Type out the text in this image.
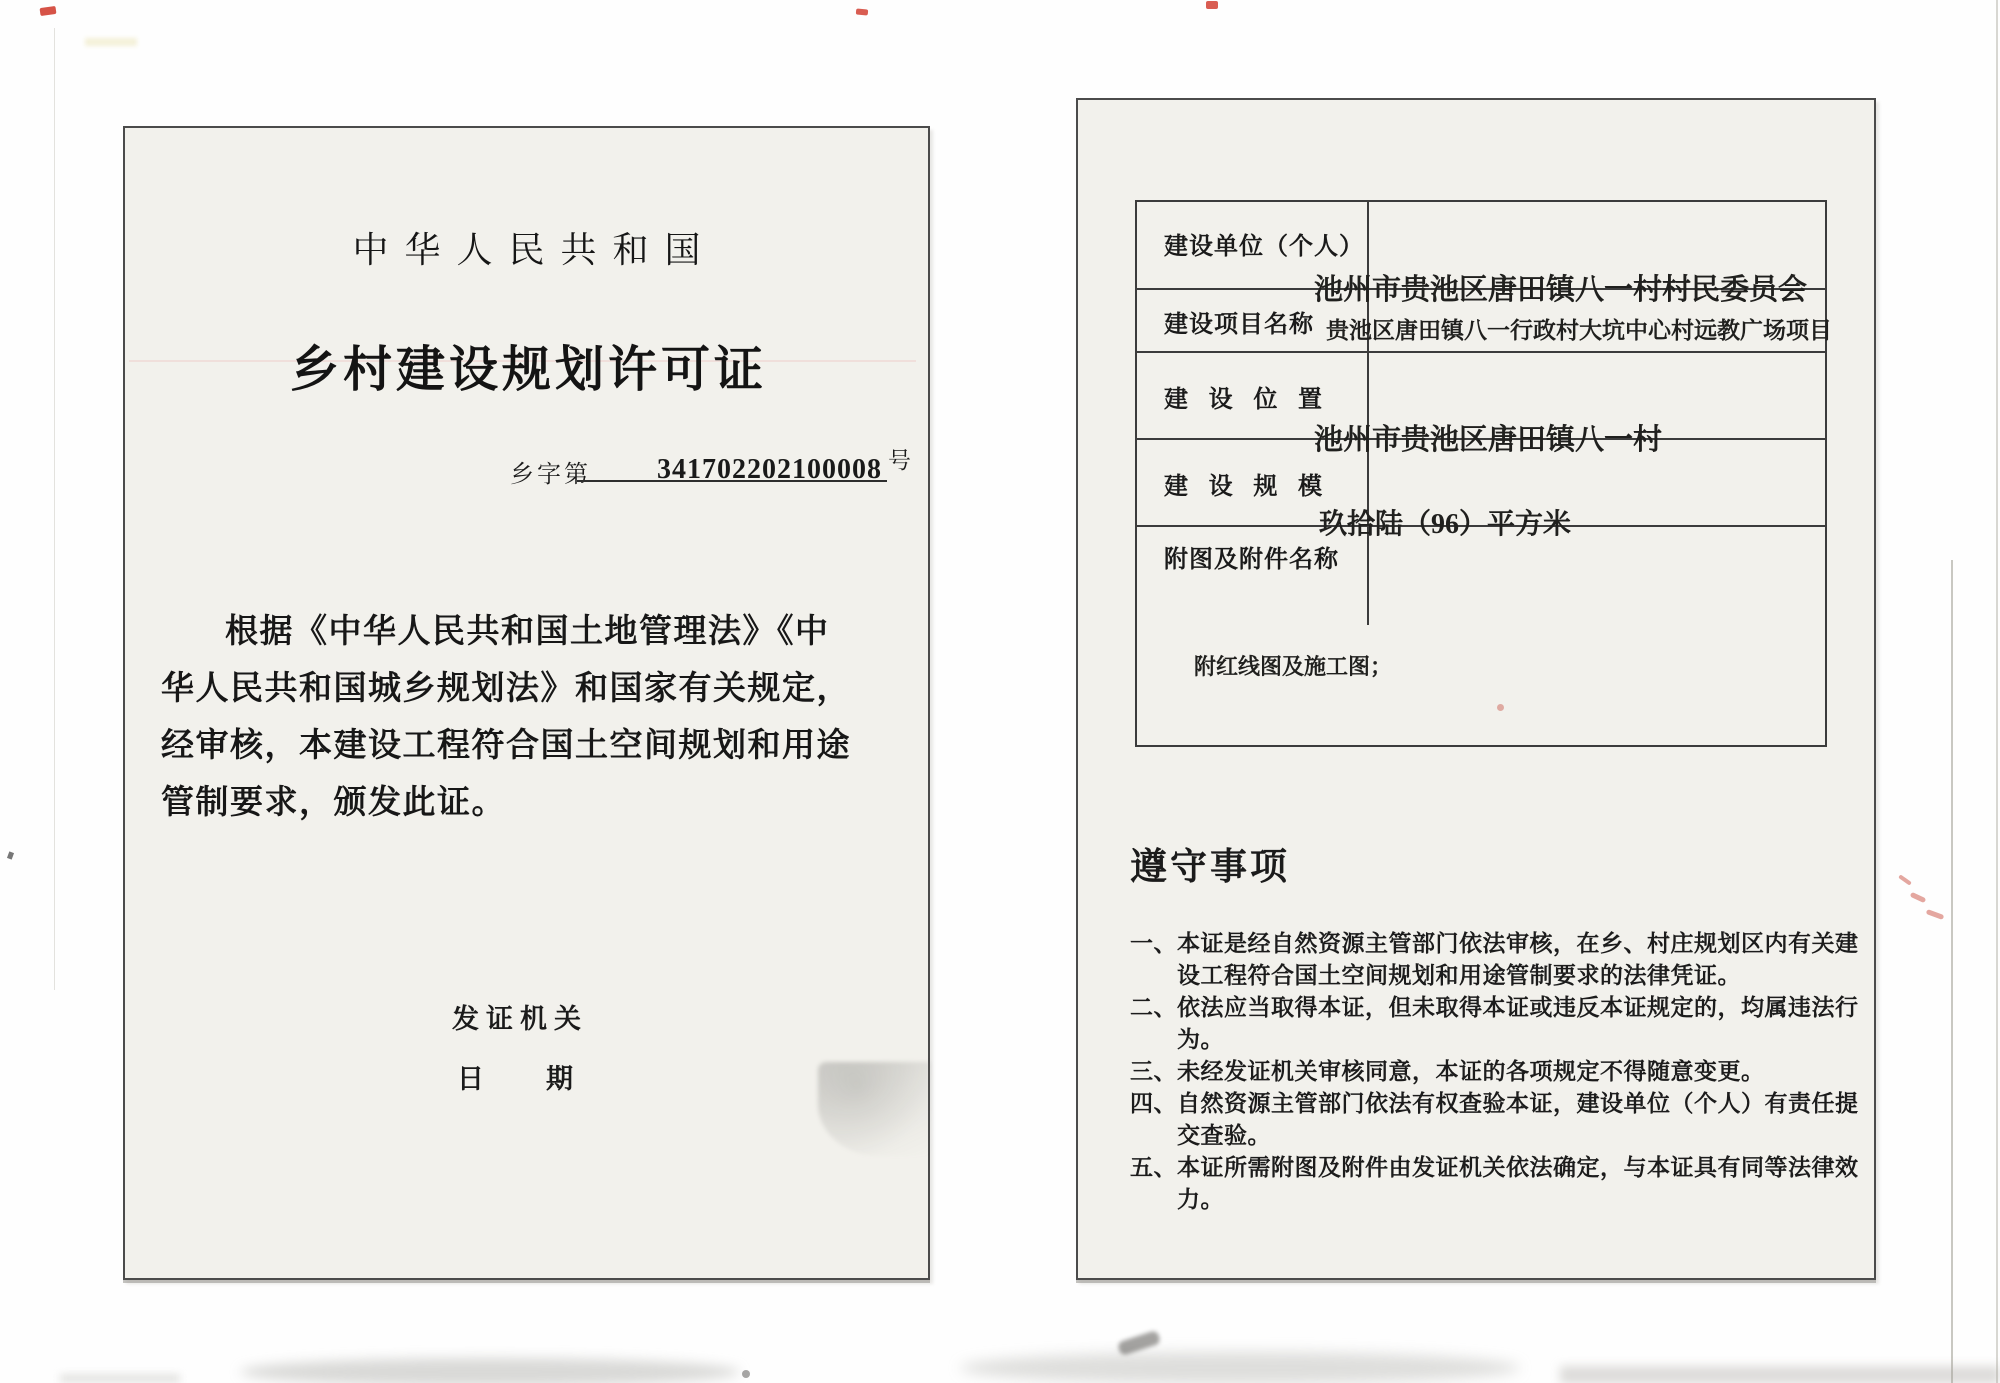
中华人民共和国
乡村建设规划许可证
乡字第 341702202100008 号
根据《中华人民共和国土地管理法》《中
华人民共和国城乡规划法》和国家有关规定，
经审核，本建设工程符合国土空间规划和用途
管制要求，颁发此证。
发证机关
日 期
建设单位（个人）
建设项目名称
建 设 位 置
建 设 规 模
附图及附件名称
池州市贵池区唐田镇八一村村民委员会
贵池区唐田镇八一行政村大坑中心村远教广场项目
池州市贵池区唐田镇八一村
玖拾陆（96）平方米
附红线图及施工图；
遵守事项
一、 本证是经自然资源主管部门依法审核，在乡、村庄规划区内有关建设工程符合国土空间规划和用途管制要求的法律凭证。
二、 依法应当取得本证，但未取得本证或违反本证规定的，均属违法行为。
三、 未经发证机关审核同意，本证的各项规定不得随意变更。
四、 自然资源主管部门依法有权查验本证，建设单位（个人）有责任提交查验。
五、 本证所需附图及附件由发证机关依法确定，与本证具有同等法律效力。
